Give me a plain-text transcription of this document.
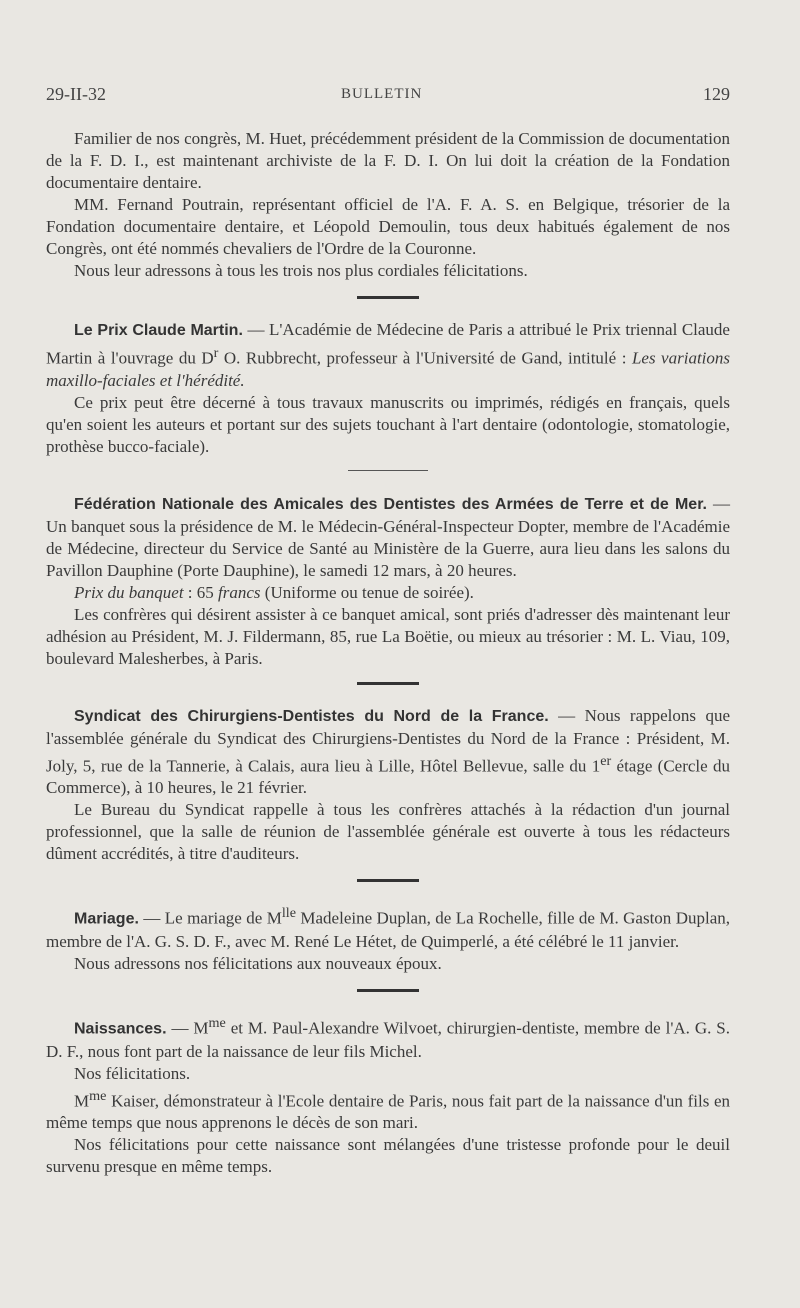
29-II-32	BULLETIN	129

Familier de nos congrès, M. Huet, précédemment président de la Commission de documentation de la F. D. I., est maintenant archiviste de la F. D. I. On lui doit la création de la Fondation documentaire dentaire.

MM. Fernand Poutrain, représentant officiel de l'A. F. A. S. en Belgique, trésorier de la Fondation documentaire dentaire, et Léopold Demoulin, tous deux habitués également de nos Congrès, ont été nommés chevaliers de l'Ordre de la Couronne.

Nous leur adressons à tous les trois nos plus cordiales félicitations.

Le Prix Claude Martin. — L'Académie de Médecine de Paris a attribué le Prix triennal Claude Martin à l'ouvrage du $D^r$ O. Rubbrecht, professeur à l'Université de Gand, intitulé : Les variations maxillo-faciales et l'hérédité.

Ce prix peut être décerné à tous travaux manuscrits ou imprimés, rédigés en français, quels qu'en soient les auteurs et portant sur des sujets touchant à l'art dentaire (odontologie, stomatologie, prothèse bucco-faciale).

Fédération Nationale des Amicales des Dentistes des Armées de Terre et de Mer. — Un banquet sous la présidence de M. le Médecin-Général-Inspecteur Dopter, membre de l'Académie de Médecine, directeur du Service de Santé au Ministère de la Guerre, aura lieu dans les salons du Pavillon Dauphine (Porte Dauphine), le samedi 12 mars, à 20 heures.

Prix du banquet : 65 francs (Uniforme ou tenue de soirée).

Les confrères qui désirent assister à ce banquet amical, sont priés d'adresser dès maintenant leur adhésion au Président, M. J. Fildermann, 85, rue La Boëtie, ou mieux au trésorier : M. L. Viau, 109, boulevard Malesherbes, à Paris.

Syndicat des Chirurgiens-Dentistes du Nord de la France. — Nous rappelons que l'assemblée générale du Syndicat des Chirurgiens-Dentistes du Nord de la France : Président, M. Joly, 5, rue de la Tannerie, à Calais, aura lieu à Lille, Hôtel Bellevue, salle du 1er étage (Cercle du Commerce), à 10 heures, le 21 février.

Le Bureau du Syndicat rappelle à tous les confrères attachés à la rédaction d'un journal professionnel, que la salle de réunion de l'assemblée générale est ouverte à tous les rédacteurs dûment accrédités, à titre d'auditeurs.

Mariage. — Le mariage de $M^{lle}$ Madeleine Duplan, de La Rochelle, fille de M. Gaston Duplan, membre de l'A. G. S. D. F., avec M. René Le Hétet, de Quimperlé, a été célébré le 11 janvier.

Nous adressons nos félicitations aux nouveaux époux.

Naissances. — $M^{me}$ et M. Paul-Alexandre Wilvoet, chirurgien-dentiste, membre de l'A. G. S. D. F., nous font part de la naissance de leur fils Michel.

Nos félicitations.

$M^{me}$ Kaiser, démonstrateur à l'Ecole dentaire de Paris, nous fait part de la naissance d'un fils en même temps que nous apprenons le décès de son mari.

Nos félicitations pour cette naissance sont mélangées d'une tristesse profonde pour le deuil survenu presque en même temps.
